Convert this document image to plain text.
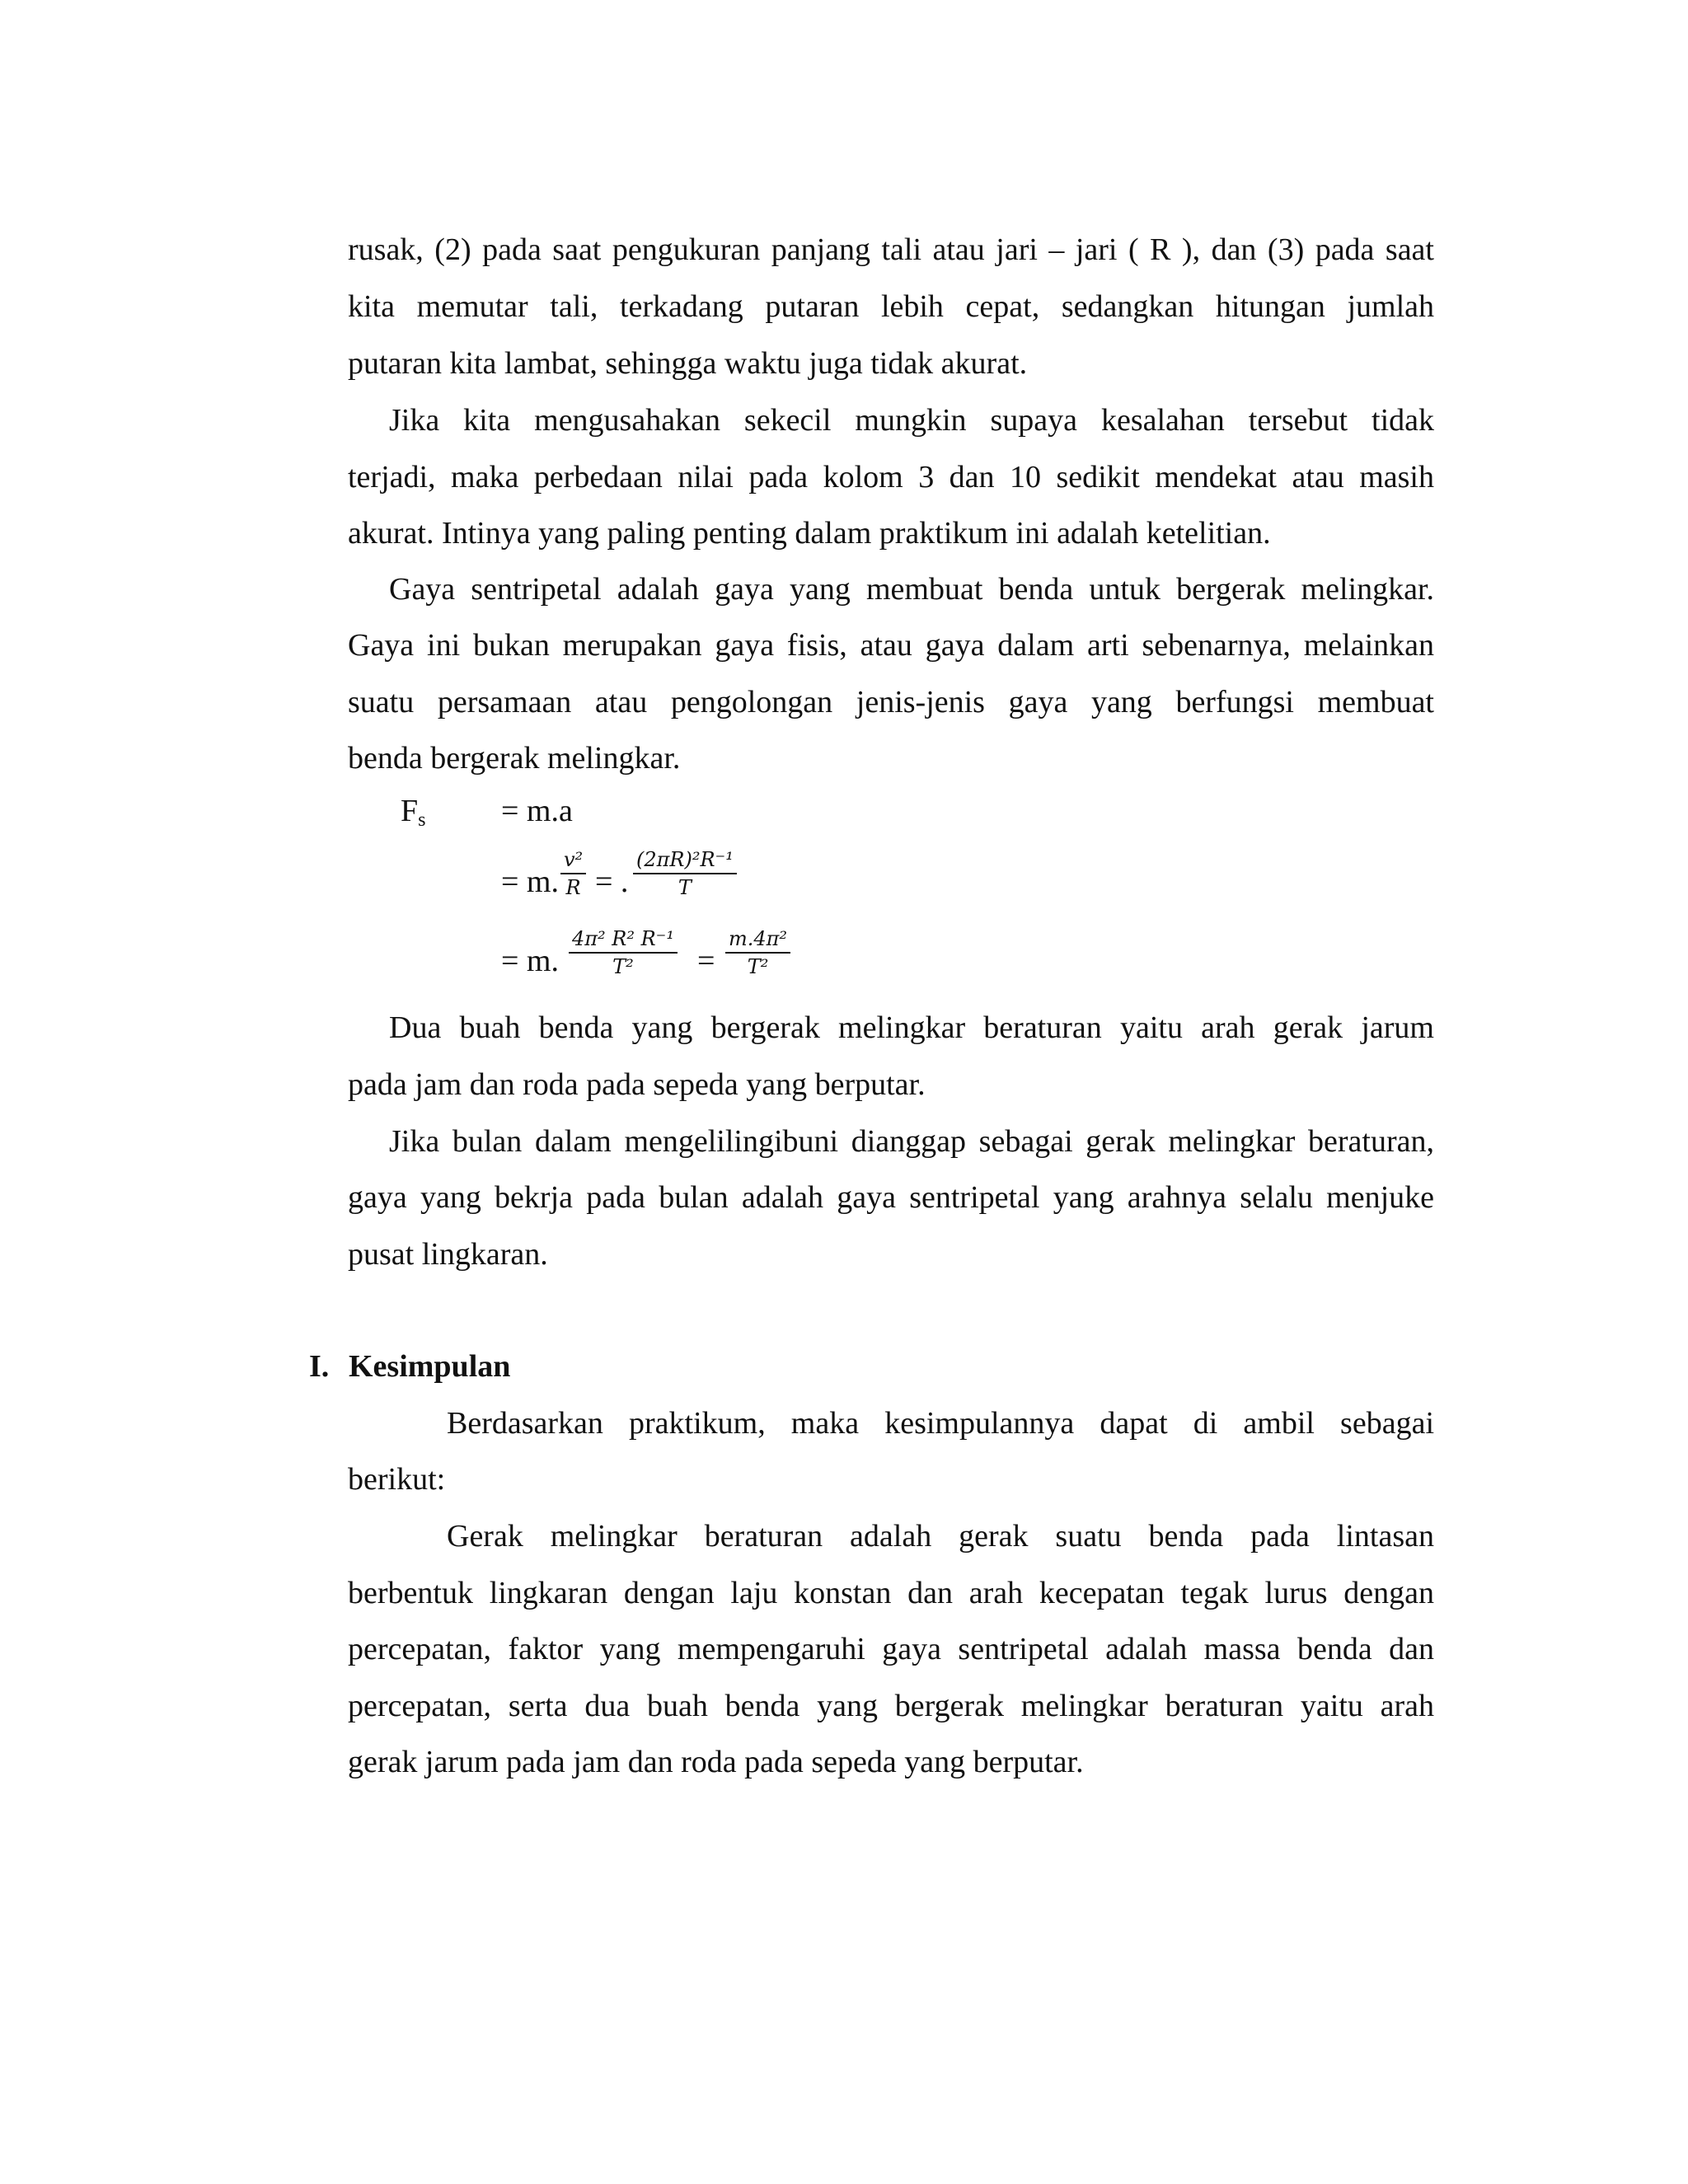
rusak, (2) pada saat pengukuran panjang tali atau jari – jari ( R ), dan (3) pada saat
kita memutar tali, terkadang putaran lebih cepat, sedangkan hitungan jumlah
putaran kita lambat, sehingga waktu juga tidak akurat.
Jika kita mengusahakan sekecil mungkin supaya kesalahan tersebut tidak
terjadi, maka perbedaan nilai pada kolom 3 dan 10 sedikit mendekat atau masih
akurat. Intinya yang paling penting dalam praktikum ini adalah ketelitian.
Gaya sentripetal adalah gaya yang membuat benda untuk bergerak melingkar.
Gaya ini bukan merupakan gaya fisis, atau gaya dalam arti sebenarnya, melainkan
suatu persamaan atau pengolongan jenis-jenis gaya yang berfungsi membuat
benda bergerak melingkar.
$F_s = m.a$
= m.
v²
R = .
(2πR)²R⁻¹
T
= m.
4π² R² R⁻¹
T²	=
m.4π²
T²
Dua buah benda yang bergerak melingkar beraturan yaitu arah gerak jarum
pada jam dan roda pada sepeda yang berputar.
Jika bulan dalam mengelilingibuni dianggap sebagai gerak melingkar beraturan,
gaya yang bekrja pada bulan adalah gaya sentripetal yang arahnya selalu menjuke
pusat lingkaran.
I. Kesimpulan
Berdasarkan praktikum, maka kesimpulannya dapat di ambil sebagai
berikut:
Gerak melingkar beraturan adalah gerak suatu benda pada lintasan
berbentuk lingkaran dengan laju konstan dan arah kecepatan tegak lurus dengan
percepatan, faktor yang mempengaruhi gaya sentripetal adalah massa benda dan
percepatan, serta dua buah benda yang bergerak melingkar beraturan yaitu arah
gerak jarum pada jam dan roda pada sepeda yang berputar.
